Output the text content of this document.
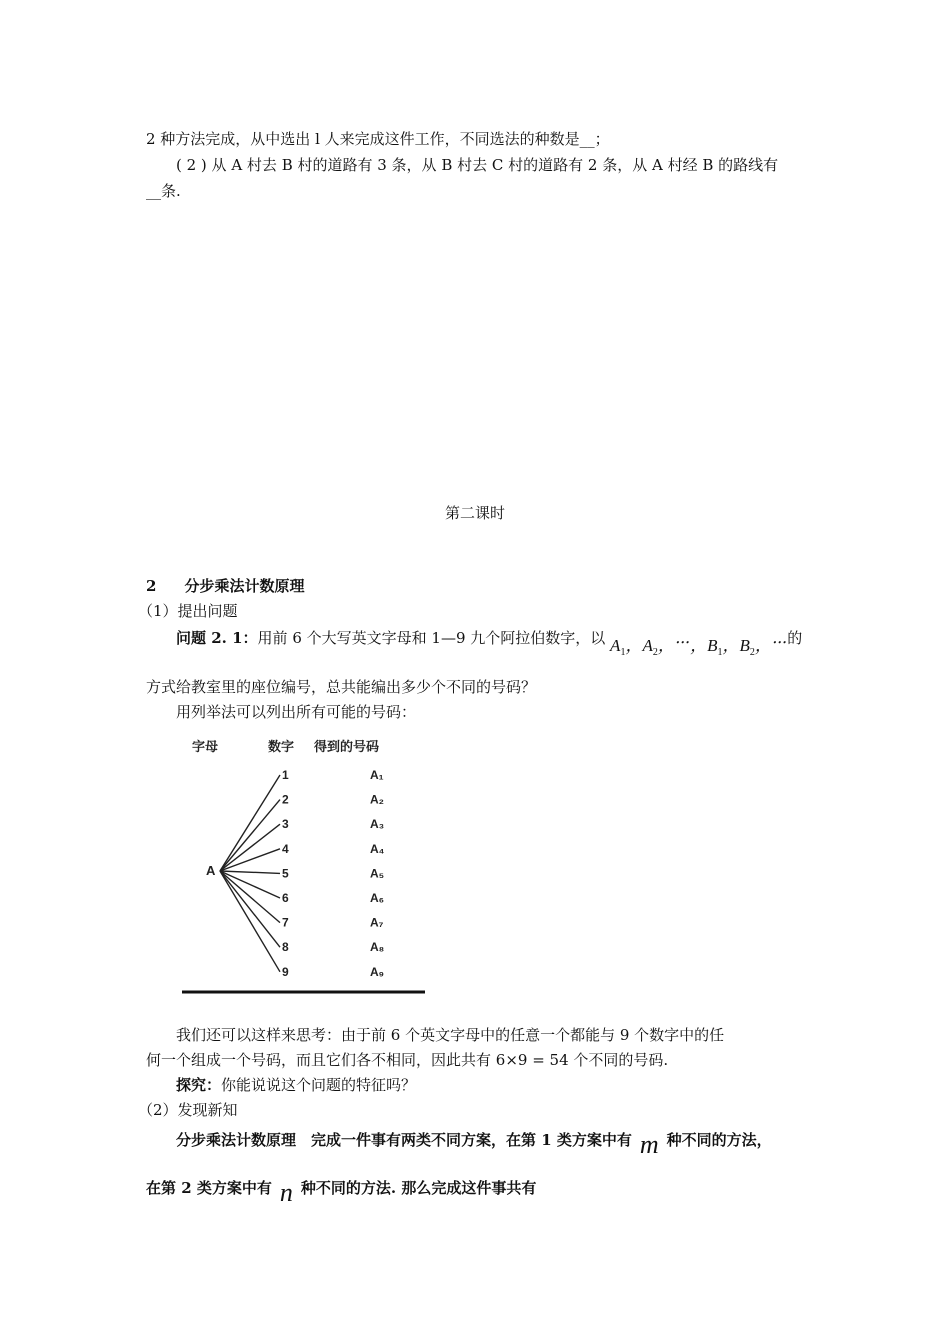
2 种方法完成，从中选出 l 人来完成这件工作，不同选法的种数是__；
( 2 ) 从 A 村去 B 村的道路有 3 条，从 B 村去 C 村的道路有 2 条，从 A 村经 B 的路线有
__条.
第二课时
2 分步乘法计数原理
（1）提出问题
问题 2. 1：用前 6 个大写英文字母和 1—9 九个阿拉伯数字，以 $A_1$，$A_2$，⋯，$B_1$，$B_2$，⋯的
方式给教室里的座位编号，总共能编出多少个不同的号码？
用列举法可以列出所有可能的号码：
字母	数字 得到的号码
1
2
3
4
5
6
7
8
9
A₁
A₂
A₃
A₄
A₅
A₆
A₇
A₈
A₉
A
我们还可以这样来思考：由于前 6 个英文字母中的任意一个都能与 9 个数字中的任
何一个组成一个号码，而且它们各不相同，因此共有 6×9 = 54 个不同的号码.
探究：你能说说这个问题的特征吗？
（2）发现新知
分步乘法计数原理　完成一件事有两类不同方案，在第 1 类方案中有 m 种不同的方法，
在第 2 类方案中有 n 种不同的方法. 那么完成这件事共有
